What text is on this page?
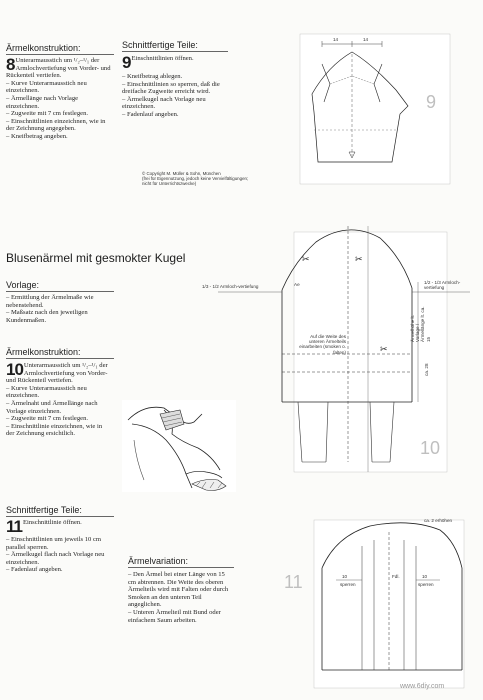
Ärmelkonstruktion:
8 Unterarmausstich um ¹/₂–¹/₁ der Armlochvertiefung von Vorder- und Rückenteil vertiefen.
– Kurve Unterarmausstich neu einzeichnen.
– Ärmellänge nach Vorlage einzeichnen.
– Zugweite mit 7 cm festlegen.
– Einschnittlinien einzeichnen, wie in der Zeichnung angegeben.
– Kneifbetrag angeben.
Schnittfertige Teile:
9 Einschnittlinien öffnen.
– Kneifbetrag ablegen.
– Einschnittlinien so sperren, daß die dreifache Zugweite erreicht wird.
– Ärmelkugel nach Vorlage neu einzeichnen.
– Fadenlauf angeben.
© Copyright M. Müller & Sohn, München
(frei für Eigennutzung, jedoch keine Vervielfältigungen;
nicht für Unterrichtszwecke)
14	14
9
Blusenärmel mit gesmokter Kugel
Vorlage:
– Ermittlung der Ärmelmaße wie nebenstehend.
– Maßsatz nach den jeweiligen Kundenmaßen.
Ärmelkonstruktion:
10 Unterarmausstich um ¹/₂–¹/₁ der Armlochvertiefung von Vorder- und Rückenteil vertiefen.
– Kurve Unterarmausstich neu einzeichnen.
– Ärmelnaht und Ärmellänge nach Vorlage einzeichnen.
– Zugweite mit 7 cm festlegen.
– Einschnittlinie einzeichnen, wie in der Zeichnung ersichtlich.
Schnittfertige Teile:
11 Einschnittlinie öffnen.
– Einschnittlinien um jeweils 10 cm parallel sperren.
– Ärmelkugel flach nach Vorlage neu einzeichnen.
– Fadenlauf angeben.
Ärmelvariation:
– Den Ärmel bei einer Länge von 15 cm abtrennen. Die Weite des oberen Ärmelteils wird mit Falten oder durch Smoken an den unteren Teil angeglichen.
– Unteren Ärmelteil mit Bund oder einfachem Saum arbeiten.
✂	✂
✂
1/3 - 1/2 Armloch-vertiefung
1/2 - 1/3 Armloch-vertiefung
Auf die Weite des unteren Ärmelteils einarbeiten (smoken o. falten)
Ärmelhöhe lt. Vorlage / Ärmellänge lt. ca. 15
ca. 28
Ae
10
ca. 2 erhöhen
10
sperren
10
sperren
Fdl.
11
www.6diy.com
